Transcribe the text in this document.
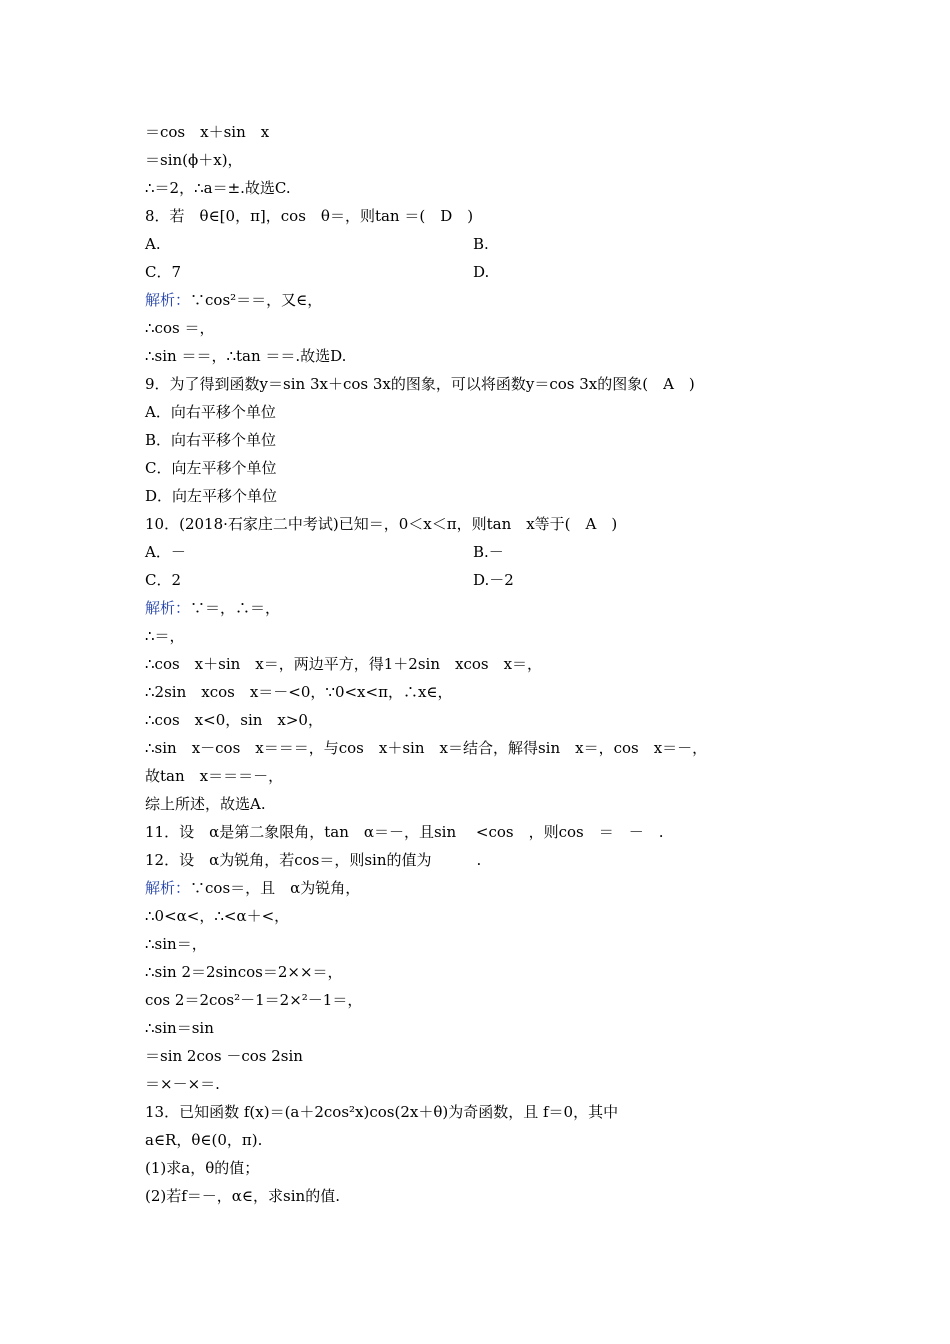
＝cos　x＋sin　x
＝sin(ϕ＋x)，
∴＝2，∴a＝±.故选C.
8．若　θ∈[0，π]，cos　θ＝，则tan ＝(　D　)
A.	B.
C．7	D.
解析：∵cos²＝＝，又∈，
∴cos ＝，
∴sin ＝＝，∴tan ＝＝.故选D.
9．为了得到函数y＝sin 3x＋cos 3x的图象，可以将函数y＝cos 3x的图象(　A　)
A．向右平移个单位
B．向右平移个单位
C．向左平移个单位
D．向左平移个单位
10．(2018·石家庄二中考试)已知＝，0＜x＜π，则tan　x等于(　A　)
A．－	B.－
C．2	D.－2
解析：∵＝，∴＝，
∴＝，
∴cos　x＋sin　x＝，两边平方，得1＋2sin　xcos　x＝，
∴2sin　xcos　x＝－<0，∵0<x<π，∴x∈，
∴cos　x<0，sin　x>0，
∴sin　x－cos　x＝＝＝，与cos　x＋sin　x＝结合，解得sin　x＝，cos　x＝－，
故tan　x＝＝＝－，
综上所述，故选A.
11．设　α是第二象限角，tan　α＝－，且sin　 <cos　，则cos　＝　－　.
12．设　α为锐角，若cos＝，则sin的值为　　　.
解析：∵cos＝，且　α为锐角，
∴0<α<，∴<α＋<，
∴sin＝，
∴sin 2＝2sincos＝2××＝，
cos 2＝2cos²－1＝2×²－1＝，
∴sin＝sin
＝sin 2cos －cos 2sin
＝×－×＝.
13．已知函数 f(x)＝(a＋2cos²x)cos(2x＋θ)为奇函数，且 f＝0，其中
a∈R，θ∈(0，π).
(1)求a，θ的值；
(2)若f＝－，α∈，求sin的值.
